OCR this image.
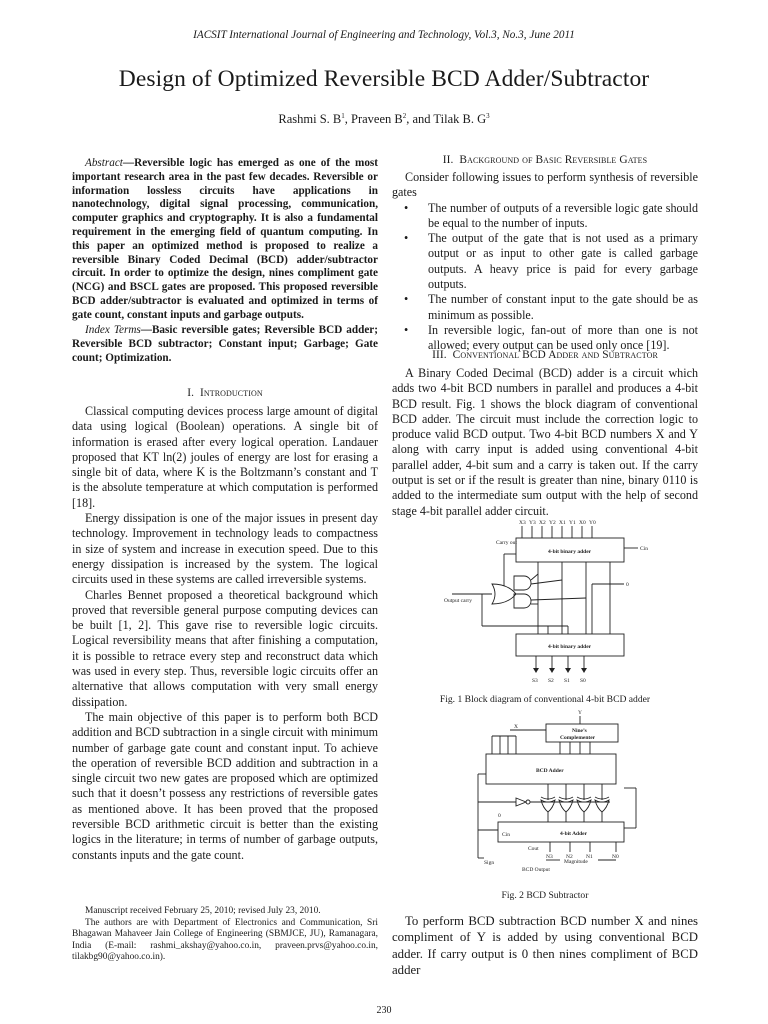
IACSIT International Journal of Engineering and Technology, Vol.3, No.3, June 2011
Design of Optimized Reversible BCD Adder/Subtractor
Rashmi S. $B^1$, Praveen $B^2$, and Tilak B. $G^3$

Abstract—Reversible logic has emerged as one of the most important research area in the past few decades. Reversible or information lossless circuits have applications in nanotechnology, digital signal processing, communication, computer graphics and cryptography. It is also a fundamental requirement in the emerging field of quantum computing. In this paper an optimized method is proposed to realize a reversible Binary Coded Decimal (BCD) adder/subtractor circuit. In order to optimize the design, nines compliment gate (NCG) and BSCL gates are proposed. This proposed reversible BCD adder/subtractor is evaluated and optimized in terms of gate count, constant inputs and garbage outputs.

Index Terms—Basic reversible gates; Reversible BCD adder; Reversible BCD subtractor; Constant input; Garbage; Gate count; Optimization.

I. Introduction

Classical computing devices process large amount of digital data using logical (Boolean) operations. A single bit of information is erased after every logical operation. Landauer proposed that KT ln(2) joules of energy are lost for erasing a single bit of data, where K is the Boltzmann’s constant and T is the absolute temperature at which computation is performed [18].

Energy dissipation is one of the major issues in present day technology. Improvement in technology leads to compactness in size of system and increase in execution speed. Due to this energy dissipation is increased by the system. The logical circuits used in these systems are called irreversible systems.

Charles Bennet proposed a theoretical background which proved that reversible general purpose computing devices can be built [1, 2]. This gave rise to reversible logic circuits. Logical reversibility means that after finishing a computation, it is possible to retrace every step and reconstruct data which was used in every step. Thus, reversible logic circuits offer an alternative that allows computation with very small energy dissipation.

The main objective of this paper is to perform both BCD addition and BCD subtraction in a single circuit with minimum number of garbage gate count and constant input. To achieve the operation of reversible BCD addition and subtraction in a single circuit two new gates are proposed which are optimized such that it doesn’t possess any restrictions of reversible gates as mentioned above. It has been proved that the proposed reversible BCD arithmetic circuit is better than the existing logics in the literature; in terms of number of garbage outputs, constants inputs and the gate count.

Manuscript received February 25, 2010; revised July 23, 2010.

The authors are with Department of Electronics and Communication, Sri Bhagawan Mahaveer Jain College of Engineering (SBMJCE, JU), Ramanagara, India (E-mail: rashmi_akshay@yahoo.co.in, praveen.prvs@yahoo.co.in, tilakbg90@yahoo.co.in).

II. Background of Basic Reversible Gates

Consider following issues to perform synthesis of reversible gates

• The number of outputs of a reversible logic gate should be equal to the number of inputs.
• The output of the gate that is not used as a primary output or as input to other gate is called garbage outputs. A heavy price is paid for every garbage outputs.
• The number of constant input to the gate should be as minimum as possible.
• In reversible logic, fan-out of more than one is not allowed; every output can be used only once [19].
III. Conventional BCD Adder and Subtractor

A Binary Coded Decimal (BCD) adder is a circuit which adds two 4-bit BCD numbers in parallel and produces a 4-bit BCD result. Fig. 1 shows the block diagram of conventional BCD adder. The circuit must include the correction logic to produce valid BCD output. Two 4-bit BCD numbers X and Y along with carry input is added using conventional 4-bit parallel adder, 4-bit sum and a carry is taken out. If the carry output is set or if the result is greater than nine, binary 0110 is added to the intermediate sum output with the help of second stage 4-bit parallel adder circuit.

X3 Y3 X2 Y2 X1 Y1 X0 Y0
4-bit binary adder
Carry out
Cin
Output carry
0
4-bit binary adder
S3 S2 S1 S0
Fig. 1 Block diagram of conventional 4-bit BCD adder
Y
X
Nine’s
Complementer
BCD Adder
0
Cin	4-bit Adder
Cout
N3 N2 N1	N0
Magnitude
Sign
BCD Output
Fig. 2 BCD Subtractor

To perform BCD subtraction BCD number X and nines compliment of Y is added by using conventional BCD adder. If carry output is 0 then nines compliment of BCD adder

230
